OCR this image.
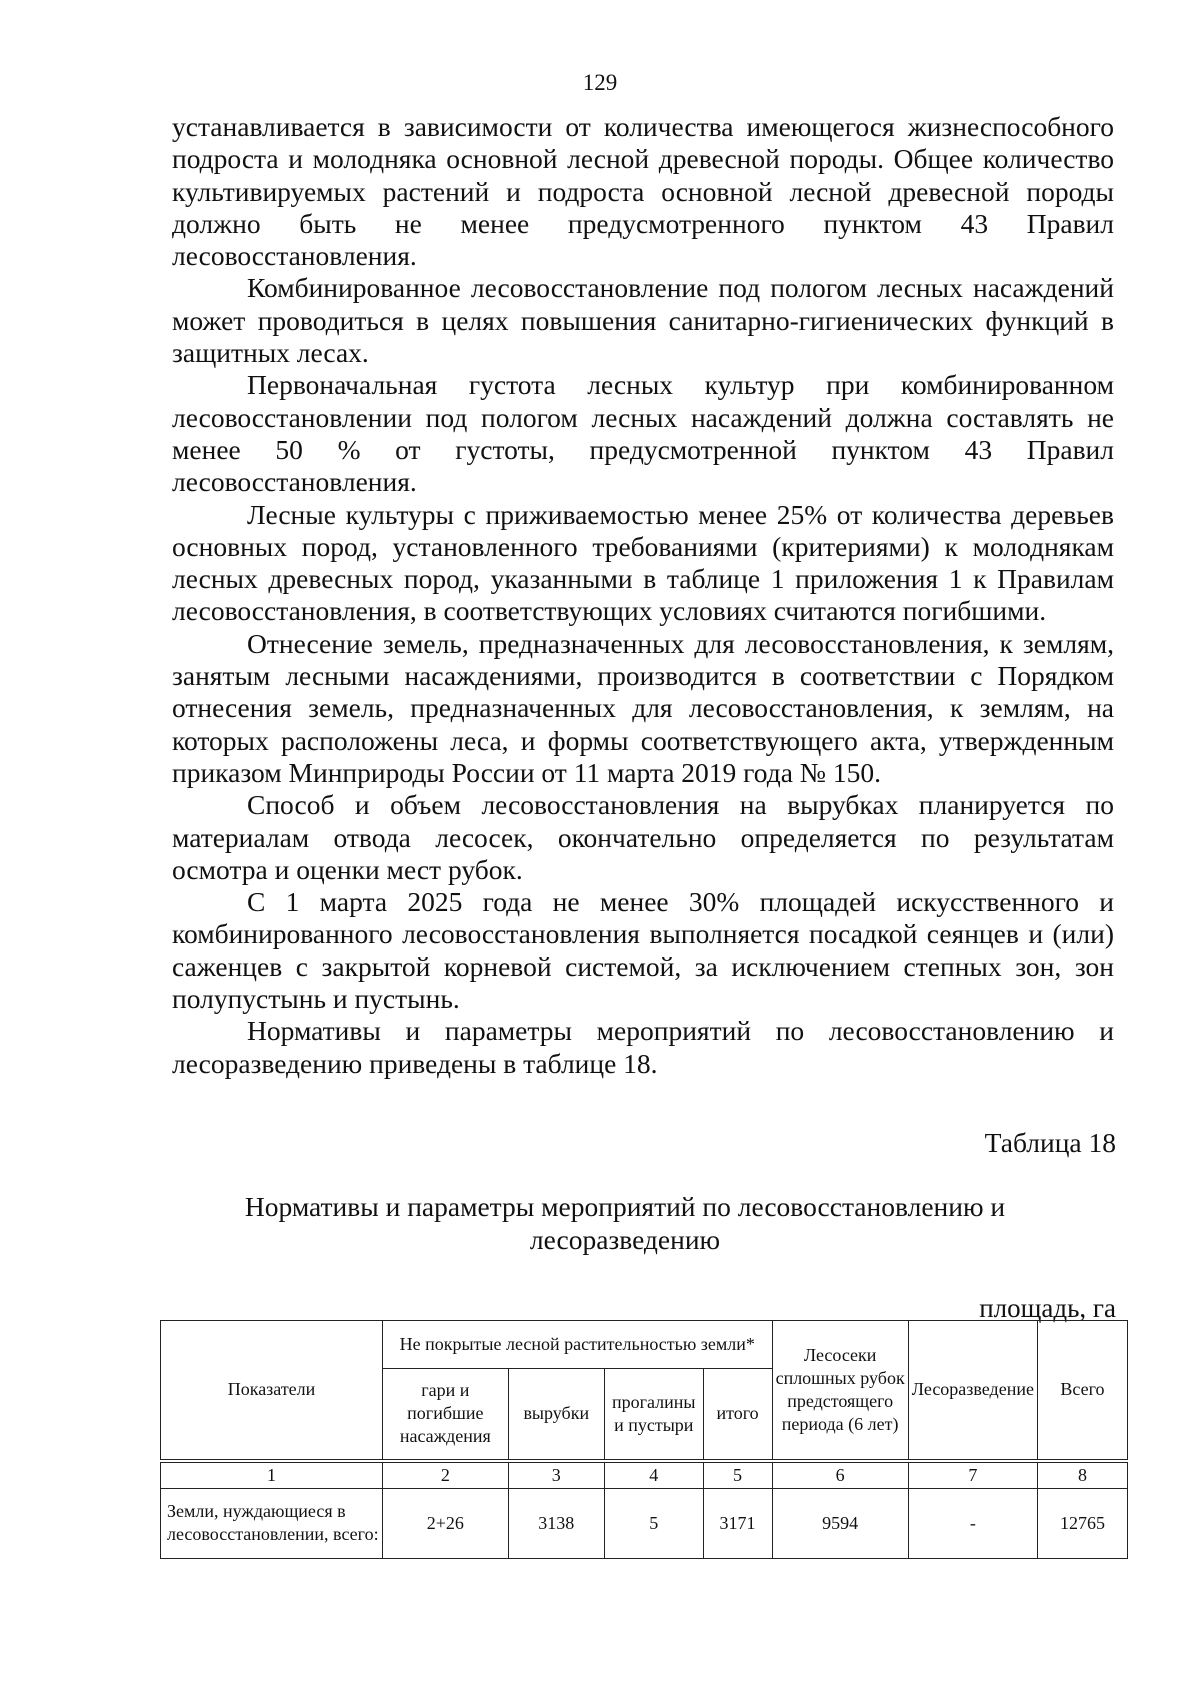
129

устанавливается в зависимости от количества имеющегося жизнеспособного
подроста и молодняка основной лесной древесной породы. Общее количество
культивируемых растений и подроста основной лесной древесной породы
должно быть не менее предусмотренного пунктом 43 Правил
лесовосстановления.

Комбинированное лесовосстановление под пологом лесных насаждений
может проводиться в целях повышения санитарно-гигиенических функций в
защитных лесах.

Первоначальная густота лесных культур при комбинированном
лесовосстановлении под пологом лесных насаждений должна составлять не
менее 50 % от густоты, предусмотренной пунктом 43 Правил
лесовосстановления.

Лесные культуры с приживаемостью менее 25% от количества деревьев
основных пород, установленного требованиями (критериями) к молоднякам
лесных древесных пород, указанными в таблице 1 приложения 1 к Правилам
лесовосстановления, в соответствующих условиях считаются погибшими.

Отнесение земель, предназначенных для лесовосстановления, к землям,
занятым лесными насаждениями, производится в соответствии с Порядком
отнесения земель, предназначенных для лесовосстановления, к землям, на
которых расположены леса, и формы соответствующего акта, утвержденным
приказом Минприроды России от 11 марта 2019 года № 150.

Способ и объем лесовосстановления на вырубках планируется по
материалам отвода лесосек, окончательно определяется по результатам
осмотра и оценки мест рубок.

С 1 марта 2025 года не менее 30% площадей искусственного и
комбинированного лесовосстановления выполняется посадкой сеянцев и (или)
саженцев с закрытой корневой системой, за исключением степных зон, зон
полупустынь и пустынь.

Нормативы и параметры мероприятий по лесовосстановлению и
лесоразведению приведены в таблице 18.

Таблица 18
Нормативы и параметры мероприятий по лесовосстановлению и
лесоразведению
площадь, га
Показатели	Не покрытые лесной растительностью земли*				Лесосеки сплошных рубок предстоящего периода (6 лет)	Лесоразведение	Всего
	гари и погибшие насаждения	вырубки	прогалины и пустыри	итого			
1	2	3	4	5	6	7	8
Земли, нуждающиеся в лесовосстановлении, всего:	2+26	3138	5	3171	9594	-	12765
